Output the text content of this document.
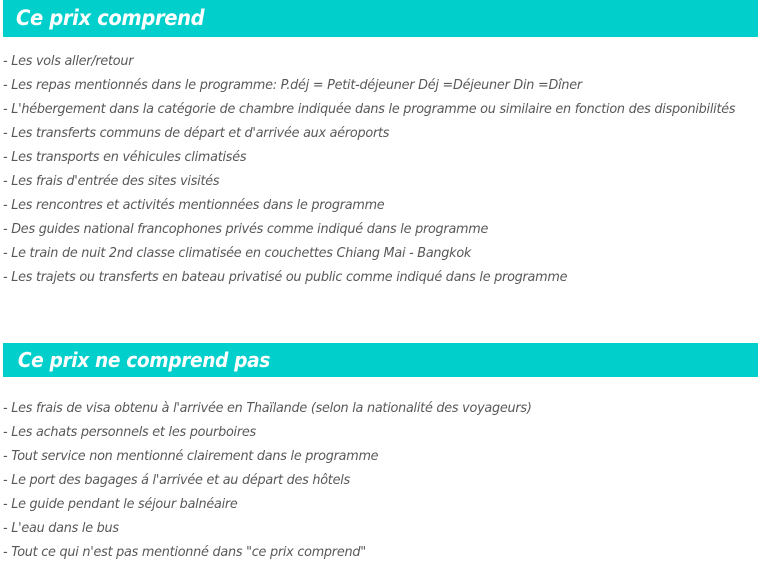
Ce prix comprend
- Les vols aller/retour
- Les repas mentionnés dans le programme: P.déj = Petit-déjeuner Déj =Déjeuner Din =Dîner
- L'hébergement dans la catégorie de chambre indiquée dans le programme ou similaire en fonction des disponibilités
- Les transferts communs de départ et d'arrivée aux aéroports
- Les transports en véhicules climatisés
- Les frais d'entrée des sites visités
- Les rencontres et activités mentionnées dans le programme
- Des guides national francophones privés comme indiqué dans le programme
- Le train de nuit 2nd classe climatisée en couchettes Chiang Mai - Bangkok
- Les trajets ou transferts en bateau privatisé ou public comme indiqué dans le programme
Ce prix ne comprend pas
- Les frais de visa obtenu à l'arrivée en Thaïlande (selon la nationalité des voyageurs)
- Les achats personnels et les pourboires
- Tout service non mentionné clairement dans le programme
- Le port des bagages á l'arrivée et au départ des hôtels
- Le guide pendant le séjour balnéaire
- L'eau dans le bus
- Tout ce qui n'est pas mentionné dans "ce prix comprend"
